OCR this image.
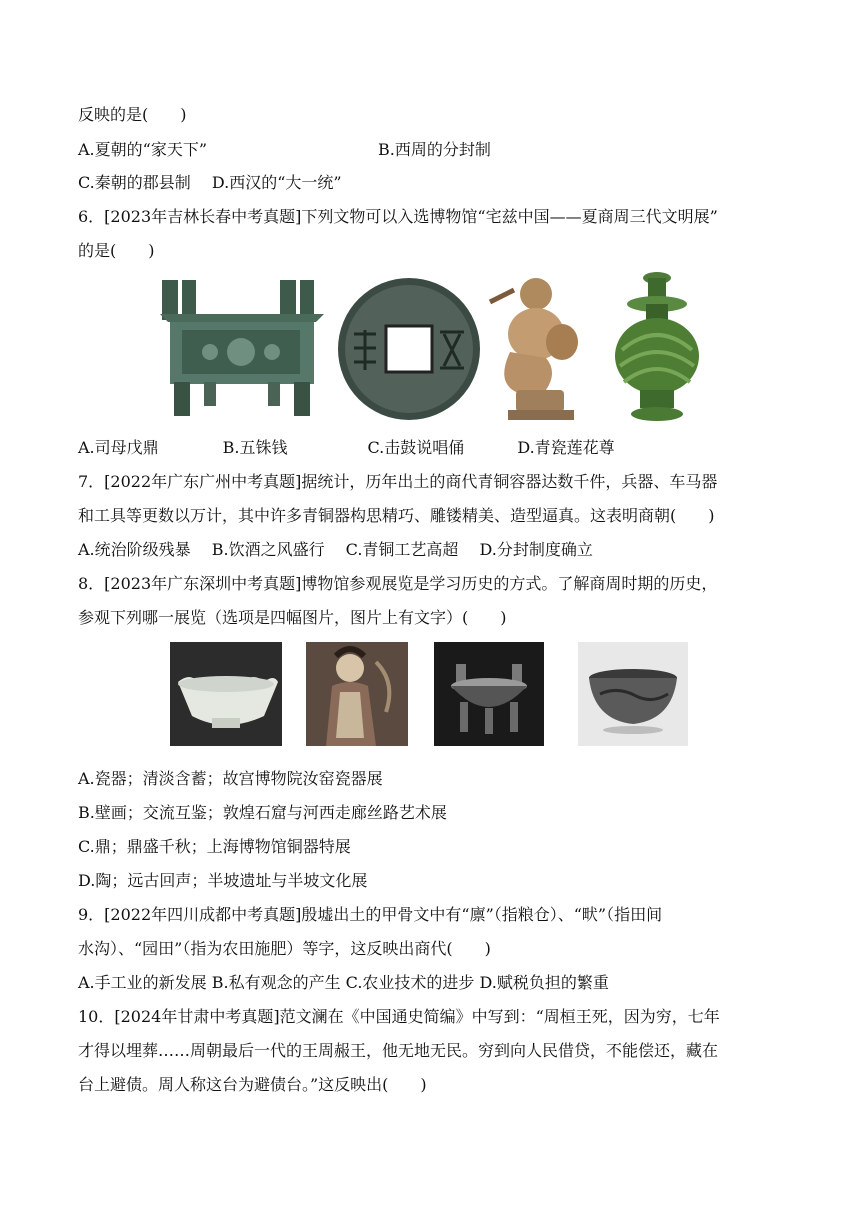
反映的是(　　)
A.夏朝的“家天下”	B.西周的分封制
C.秦朝的郡县制　 D.西汉的“大一统”
6．[2023年吉林长春中考真题]下列文物可以入选博物馆“宅兹中国——夏商周三代文明展”
的是(　　)
A.司母戊鼎　　　　B.五铢钱　　　　　C.击鼓说唱俑　　　 D.青瓷莲花尊
7．[2022年广东广州中考真题]据统计，历年出土的商代青铜容器达数千件，兵器、车马器
和工具等更数以万计，其中许多青铜器构思精巧、雕镂精美、造型逼真。这表明商朝(　　)
A.统治阶级残暴　 B.饮酒之风盛行　 C.青铜工艺高超　 D.分封制度确立
8．[2023年广东深圳中考真题]博物馆参观展览是学习历史的方式。了解商周时期的历史，
参观下列哪一展览（选项是四幅图片，图片上有文字）(　　)
A.瓷器；清淡含蓄；故宫博物院汝窑瓷器展
B.壁画；交流互鉴；敦煌石窟与河西走廊丝路艺术展
C.鼎；鼎盛千秋；上海博物馆铜器特展
D.陶；远古回声；半坡遗址与半坡文化展
9．[2022年四川成都中考真题]殷墟出土的甲骨文中有“廪”（指粮仓）、“畎”（指田间
水沟）、“园田”（指为农田施肥）等字，这反映出商代(　　)
A.手工业的新发展 B.私有观念的产生 C.农业技术的进步 D.赋税负担的繁重
10．[2024年甘肃中考真题]范文澜在《中国通史简编》中写到：“周桓王死，因为穷，七年
才得以埋葬……周朝最后一代的王周赧王，他无地无民。穷到向人民借贷，不能偿还，藏在
台上避债。周人称这台为避债台。”这反映出(　　)
